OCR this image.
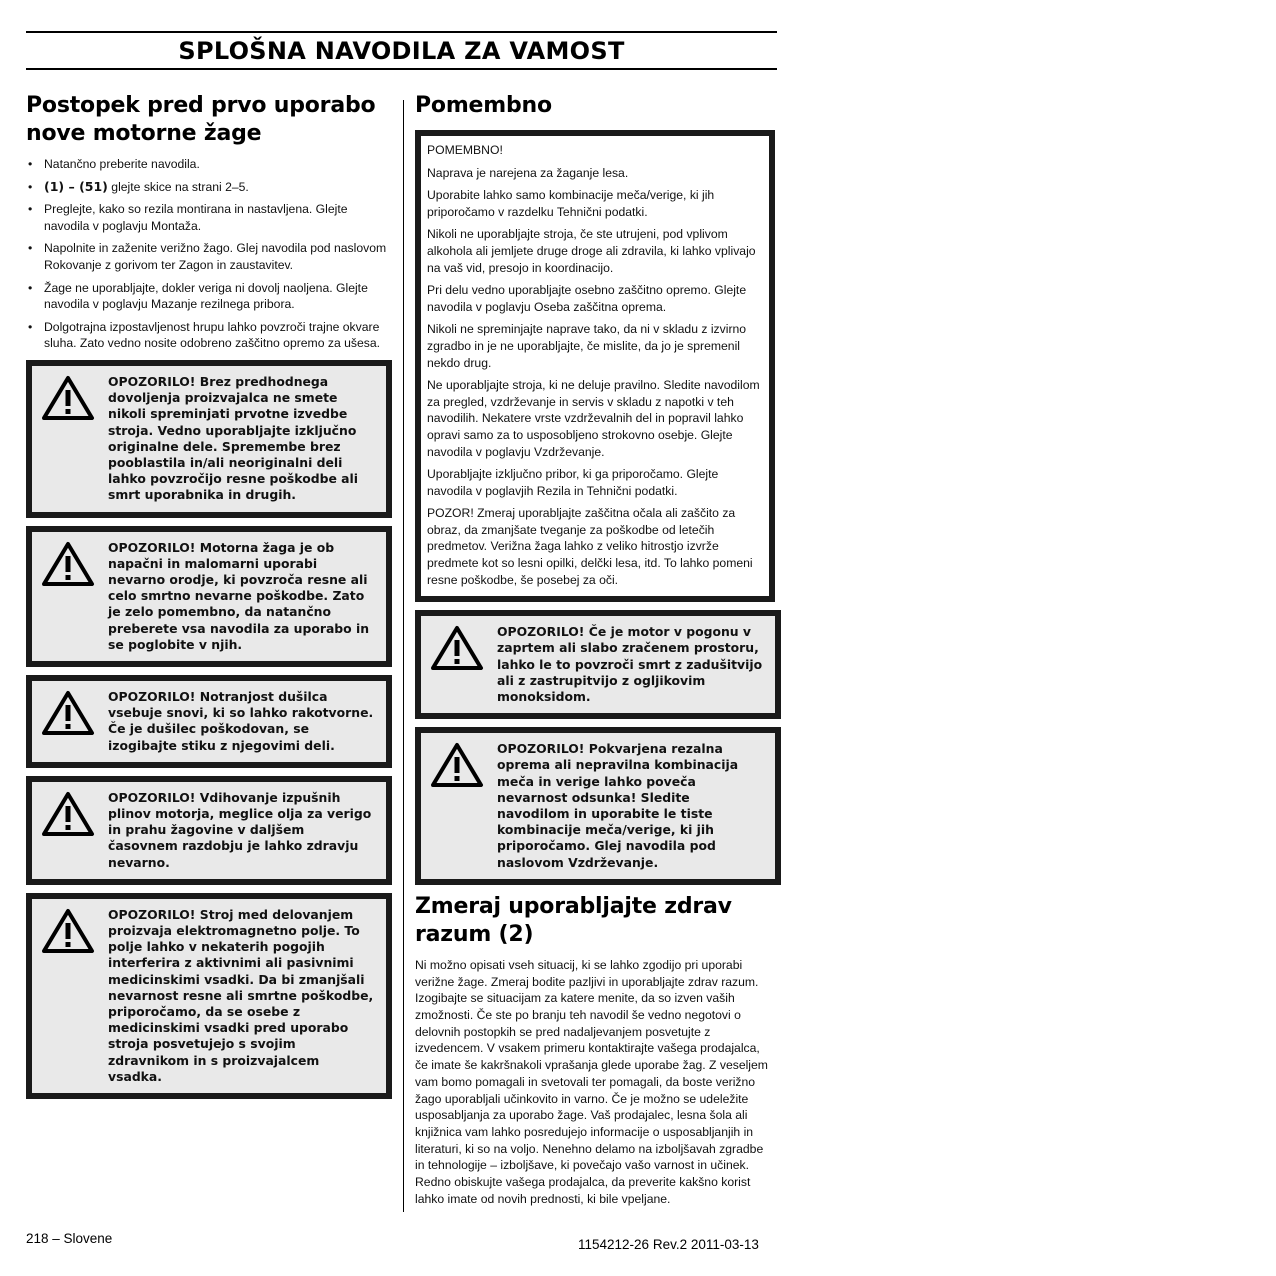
SPLOŠNA NAVODILA ZA VAMOST
Postopek pred prvo uporabo nove motorne žage
• Natančno preberite navodila.
• (1) – (51) glejte skice na strani 2–5.
• Preglejte, kako so rezila montirana in nastavljena. Glejte navodila v poglavju Montaža.
• Napolnite in zaženite verižno žago. Glej navodila pod naslovom Rokovanje z gorivom ter Zagon in zaustavitev.
• Žage ne uporabljajte, dokler veriga ni dovolj naoljena. Glejte navodila v poglavju Mazanje rezilnega pribora.
• Dolgotrajna izpostavljenost hrupu lahko povzroči trajne okvare sluha. Zato vedno nosite odobreno zaščitno opremo za ušesa.

OPOZORILO! Brez predhodnega dovoljenja proizvajalca ne smete nikoli spreminjati prvotne izvedbe stroja. Vedno uporabljajte izključno originalne dele. Spremembe brez pooblastila in/ali neoriginalni deli lahko povzročijo resne poškodbe ali smrt uporabnika in drugih.

OPOZORILO! Motorna žaga je ob napačni in malomarni uporabi nevarno orodje, ki povzroča resne ali celo smrtno nevarne poškodbe. Zato je zelo pomembno, da natančno preberete vsa navodila za uporabo in se poglobite v njih.

OPOZORILO! Notranjost dušilca vsebuje snovi, ki so lahko rakotvorne. Če je dušilec poškodovan, se izogibajte stiku z njegovimi deli.

OPOZORILO! Vdihovanje izpušnih plinov motorja, meglice olja za verigo in prahu žagovine v daljšem časovnem razdobju je lahko zdravju nevarno.

OPOZORILO! Stroj med delovanjem proizvaja elektromagnetno polje. To polje lahko v nekaterih pogojih interferira z aktivnimi ali pasivnimi medicinskimi vsadki. Da bi zmanjšali nevarnost resne ali smrtne poškodbe, priporočamo, da se osebe z medicinskimi vsadki pred uporabo stroja posvetujejo s svojim zdravnikom in s proizvajalcem vsadka.

Pomembno

POMEMBNO!

Naprava je narejena za žaganje lesa.

Uporabite lahko samo kombinacije meča/verige, ki jih priporočamo v razdelku Tehnični podatki.

Nikoli ne uporabljajte stroja, če ste utrujeni, pod vplivom alkohola ali jemljete druge droge ali zdravila, ki lahko vplivajo na vaš vid, presojo in koordinacijo.

Pri delu vedno uporabljajte osebno zaščitno opremo. Glejte navodila v poglavju Oseba zaščitna oprema.

Nikoli ne spreminjajte naprave tako, da ni v skladu z izvirno zgradbo in je ne uporabljajte, če mislite, da jo je spremenil nekdo drug.

Ne uporabljajte stroja, ki ne deluje pravilno. Sledite navodilom za pregled, vzdrževanje in servis v skladu z napotki v teh navodilih. Nekatere vrste vzdrževalnih del in popravil lahko opravi samo za to usposobljeno strokovno osebje. Glejte navodila v poglavju Vzdrževanje.

Uporabljajte izključno pribor, ki ga priporočamo. Glejte navodila v poglavjih Rezila in Tehnični podatki.

POZOR! Zmeraj uporabljajte zaščitna očala ali zaščito za obraz, da zmanjšate tveganje za poškodbe od letečih predmetov. Verižna žaga lahko z veliko hitrostjo izvrže predmete kot so lesni opilki, delčki lesa, itd. To lahko pomeni resne poškodbe, še posebej za oči.

OPOZORILO! Če je motor v pogonu v zaprtem ali slabo zračenem prostoru, lahko le to povzroči smrt z zadušitvijo ali z zastrupitvijo z ogljikovim monoksidom.

OPOZORILO! Pokvarjena rezalna oprema ali nepravilna kombinacija meča in verige lahko poveča nevarnost odsunka! Sledite navodilom in uporabite le tiste kombinacije meča/verige, ki jih priporočamo. Glej navodila pod naslovom Vzdrževanje.

Zmeraj uporabljajte zdrav razum (2)

Ni možno opisati vseh situacij, ki se lahko zgodijo pri uporabi verižne žage. Zmeraj bodite pazljivi in uporabljajte zdrav razum. Izogibajte se situacijam za katere menite, da so izven vaših zmožnosti. Če ste po branju teh navodil še vedno negotovi o delovnih postopkih se pred nadaljevanjem posvetujte z izvedencem. V vsakem primeru kontaktirajte vašega prodajalca, če imate še kakršnakoli vprašanja glede uporabe žag. Z veseljem vam bomo pomagali in svetovali ter pomagali, da boste verižno žago uporabljali učinkovito in varno. Če je možno se udeležite usposabljanja za uporabo žage. Vaš prodajalec, lesna šola ali knjižnica vam lahko posredujejo informacije o usposabljanjih in literaturi, ki so na voljo. Nenehno delamo na izboljšavah zgradbe in tehnologije – izboljšave, ki povečajo vašo varnost in učinek. Redno obiskujte vašega prodajalca, da preverite kakšno korist lahko imate od novih prednosti, ki bile vpeljane.

218 – Slovene	1154212-26 Rev.2 2011-03-13
